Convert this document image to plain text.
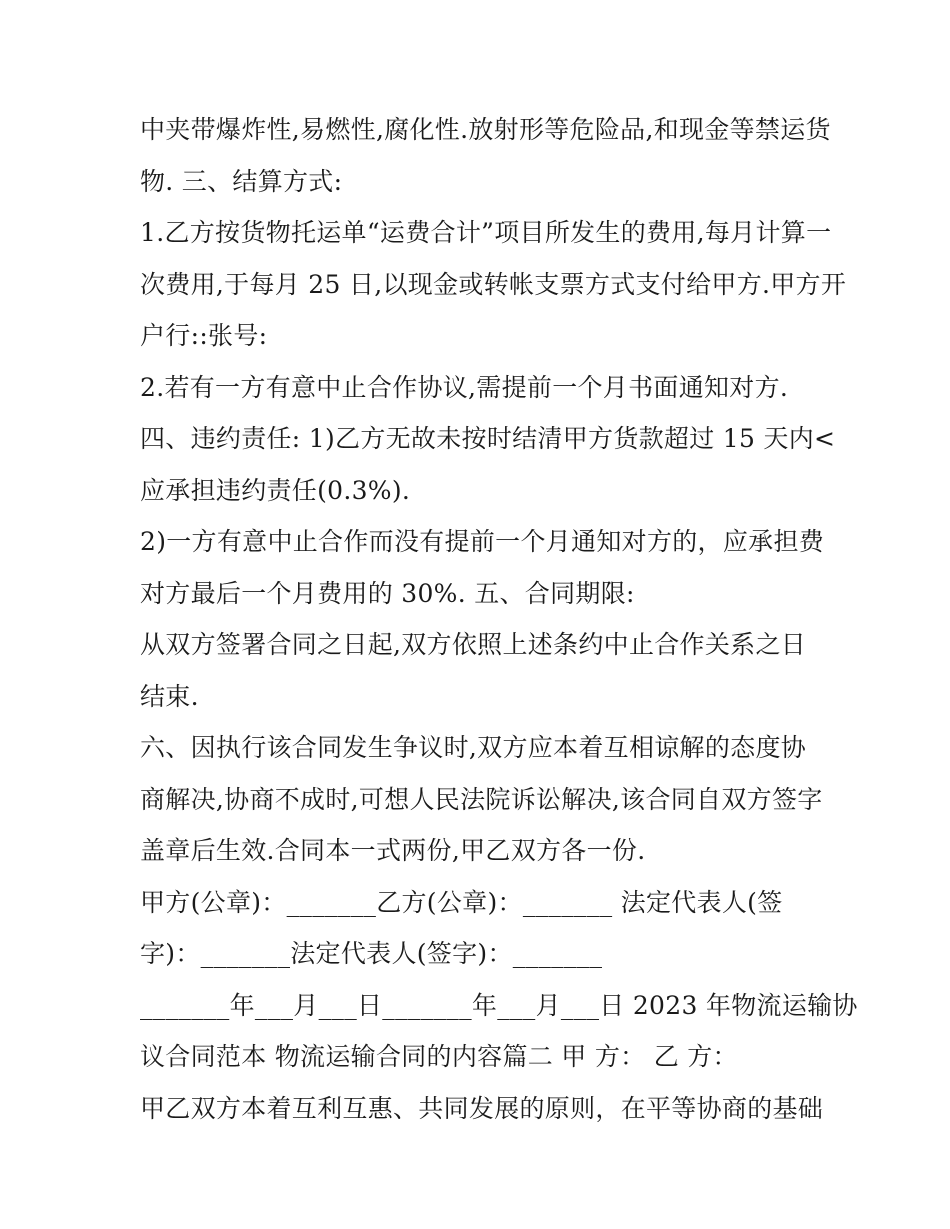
中夹带爆炸性,易燃性,腐化性.放射形等危险品,和现金等禁运货
物. 三、结算方式:
1.乙方按货物托运单“运费合计”项目所发生的费用,每月计算一
次费用,于每月 25 日,以现金或转帐支票方式支付给甲方.甲方开
户行::张号:
2.若有一方有意中止合作协议,需提前一个月书面通知对方.
四、违约责任: 1)乙方无故未按时结清甲方货款超过 15 天内<
应承担违约责任(0.3%).
2)一方有意中止合作而没有提前一个月通知对方的，应承担费
对方最后一个月费用的 30%. 五、合同期限:
从双方签署合同之日起,双方依照上述条约中止合作关系之日
结束.
六、因执行该合同发生争议时,双方应本着互相谅解的态度协
商解决,协商不成时,可想人民法院诉讼解决,该合同自双方签字
盖章后生效.合同本一式两份,甲乙双方各一份.
甲方(公章)：_______乙方(公章)：_______ 法定代表人(签
字)：_______法定代表人(签字)：_______
_______年___月___日_______年___月___日 2023 年物流运输协
议合同范本 物流运输合同的内容篇二 甲 方： 乙 方：
甲乙双方本着互利互惠、共同发展的原则，在平等协商的基础
